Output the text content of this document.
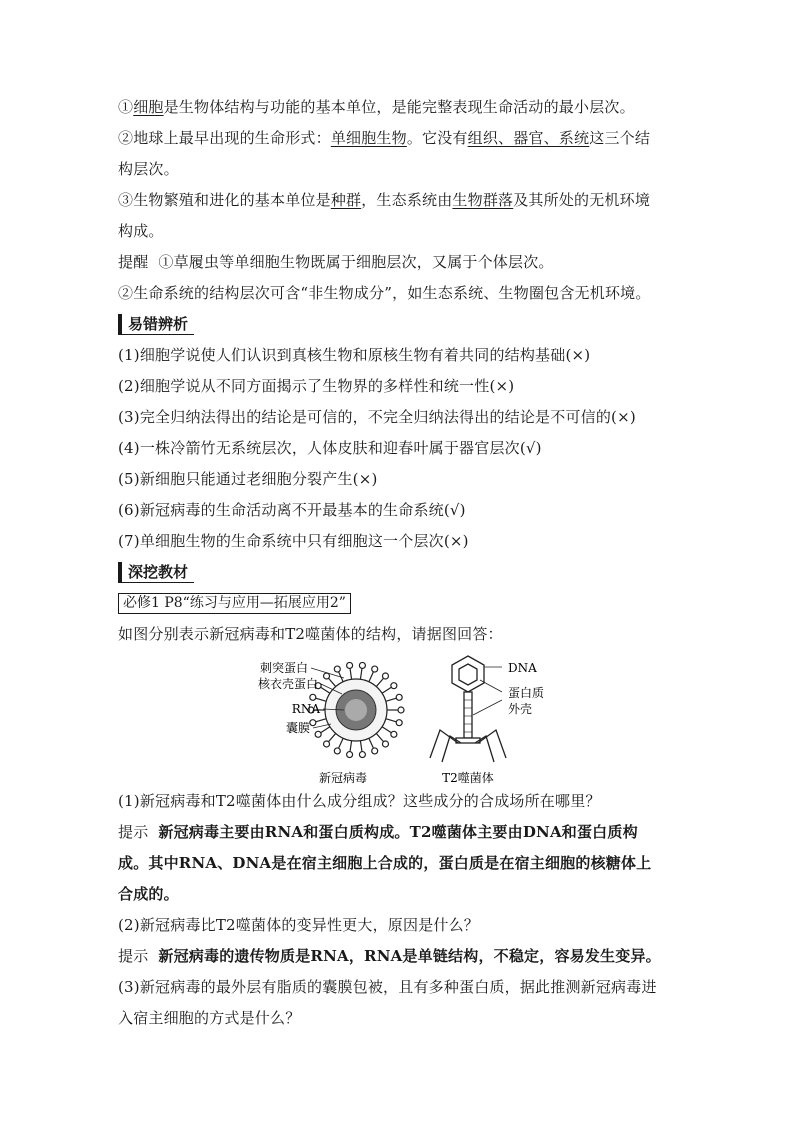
①细胞是生物体结构与功能的基本单位，是能完整表现生命活动的最小层次。
②地球上最早出现的生命形式：单细胞生物。它没有组织、器官、系统这三个结
构层次。
③生物繁殖和进化的基本单位是种群，生态系统由生物群落及其所处的无机环境
构成。
提醒 ①草履虫等单细胞生物既属于细胞层次，又属于个体层次。
②生命系统的结构层次可含“非生物成分”，如生态系统、生物圈包含无机环境。
易错辨析
(1)细胞学说使人们认识到真核生物和原核生物有着共同的结构基础(×)
(2)细胞学说从不同方面揭示了生物界的多样性和统一性(×)
(3)完全归纳法得出的结论是可信的，不完全归纳法得出的结论是不可信的(×)
(4)一株冷箭竹无系统层次，人体皮肤和迎春叶属于器官层次(√)
(5)新细胞只能通过老细胞分裂产生(×)
(6)新冠病毒的生命活动离不开最基本的生命系统(√)
(7)单细胞生物的生命系统中只有细胞这一个层次(×)
深挖教材
必修1 P8“练习与应用—拓展应用2”
如图分别表示新冠病毒和T2噬菌体的结构，请据图回答：
刺突蛋白
核衣壳蛋白
RNA
囊膜
新冠病毒
DNA
蛋白质
外壳
T2噬菌体
(1)新冠病毒和T2噬菌体由什么成分组成？这些成分的合成场所在哪里？
提示 新冠病毒主要由RNA和蛋白质构成。T2噬菌体主要由DNA和蛋白质构
成。其中RNA、DNA是在宿主细胞上合成的，蛋白质是在宿主细胞的核糖体上
合成的。
(2)新冠病毒比T2噬菌体的变异性更大，原因是什么？
提示 新冠病毒的遗传物质是RNA，RNA是单链结构，不稳定，容易发生变异。
(3)新冠病毒的最外层有脂质的囊膜包被，且有多种蛋白质，据此推测新冠病毒进
入宿主细胞的方式是什么？
